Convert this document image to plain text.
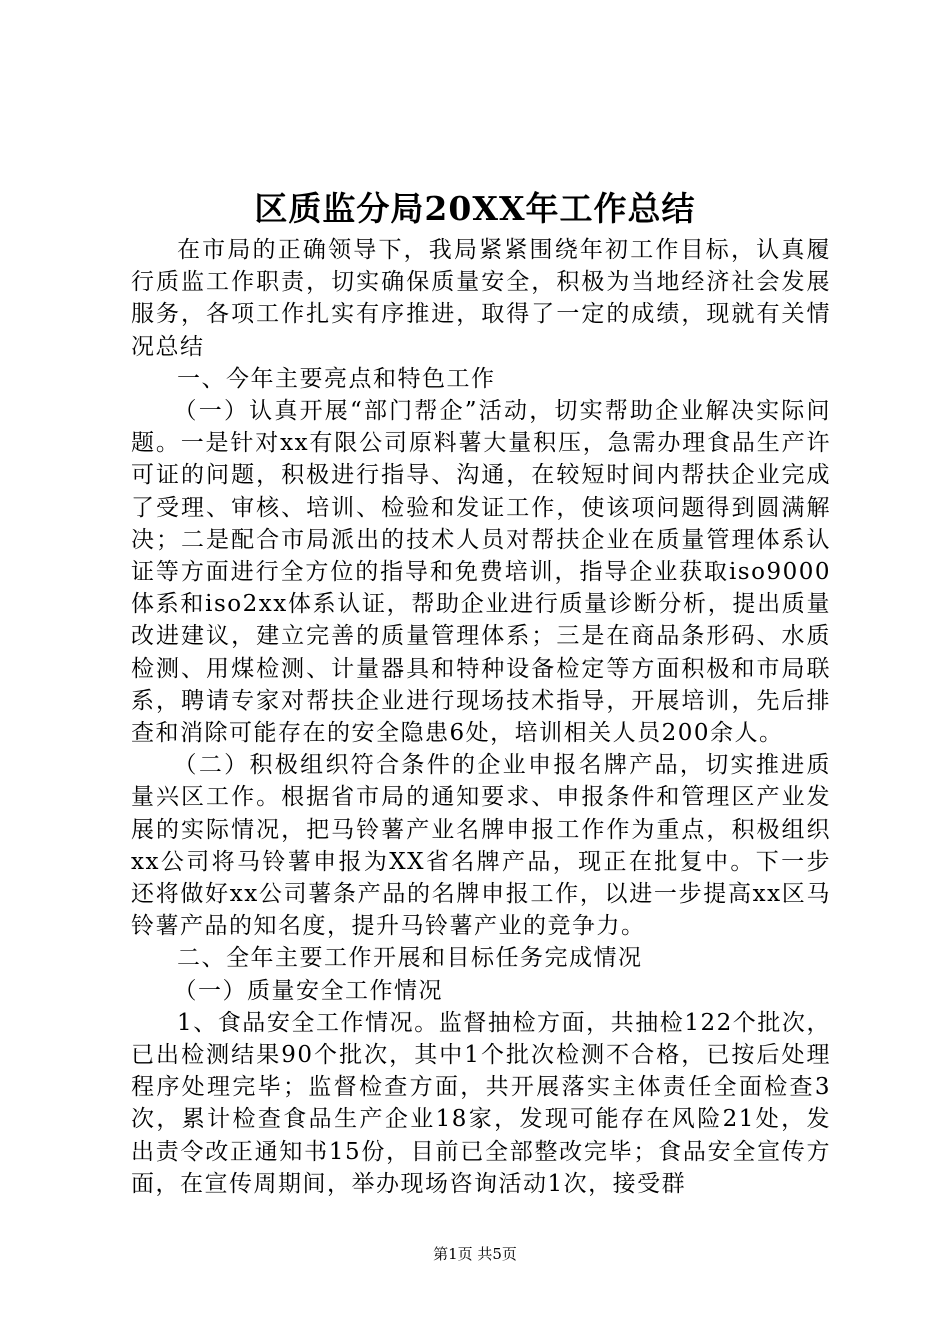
区质监分局20XX年工作总结

在市局的正确领导下，我局紧紧围绕年初工作目标，认真履行质监工作职责，切实确保质量安全，积极为当地经济社会发展服务，各项工作扎实有序推进，取得了一定的成绩，现就有关情况总结

一、今年主要亮点和特色工作

（一）认真开展“部门帮企”活动，切实帮助企业解决实际问题。一是针对xx有限公司原料薯大量积压，急需办理食品生产许可证的问题，积极进行指导、沟通，在较短时间内帮扶企业完成了受理、审核、培训、检验和发证工作，使该项问题得到圆满解决；二是配合市局派出的技术人员对帮扶企业在质量管理体系认证等方面进行全方位的指导和免费培训，指导企业获取iso9000体系和iso2xx体系认证，帮助企业进行质量诊断分析，提出质量改进建议，建立完善的质量管理体系；三是在商品条形码、水质检测、用煤检测、计量器具和特种设备检定等方面积极和市局联系，聘请专家对帮扶企业进行现场技术指导，开展培训，先后排查和消除可能存在的安全隐患6处，培训相关人员200余人。

（二）积极组织符合条件的企业申报名牌产品，切实推进质量兴区工作。根据省市局的通知要求、申报条件和管理区产业发展的实际情况，把马铃薯产业名牌申报工作作为重点，积极组织xx公司将马铃薯申报为XX省名牌产品，现正在批复中。下一步还将做好xx公司薯条产品的名牌申报工作，以进一步提高xx区马铃薯产品的知名度，提升马铃薯产业的竞争力。

二、全年主要工作开展和目标任务完成情况

（一）质量安全工作情况

1、食品安全工作情况。监督抽检方面，共抽检122个批次，已出检测结果90个批次，其中1个批次检测不合格，已按后处理程序处理完毕；监督检查方面，共开展落实主体责任全面检查3次，累计检查食品生产企业18家，发现可能存在风险21处，发出责令改正通知书15份，目前已全部整改完毕；食品安全宣传方面，在宣传周期间，举办现场咨询活动1次，接受群

第1页 共5页
